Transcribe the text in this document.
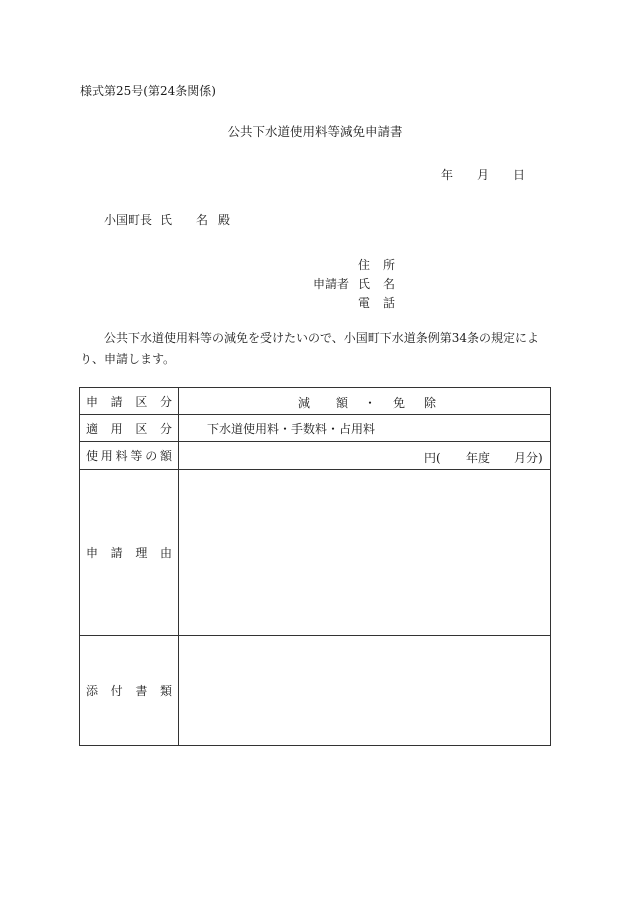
様式第25号(第24条関係)
公共下水道使用料等減免申請書
年 月 日
小国町長 氏 名 殿
住 所
申請者 氏 名
電 話
公共下水道使用料等の減免を受けたいので、小国町下水道条例第34条の規定により、申請します。
申請区分	減 額 ・ 免 除

適用区分	下水道使用料・手数料・占用料
使用料等の額	円( 年度 月分)

申請理由	
添付書類	
